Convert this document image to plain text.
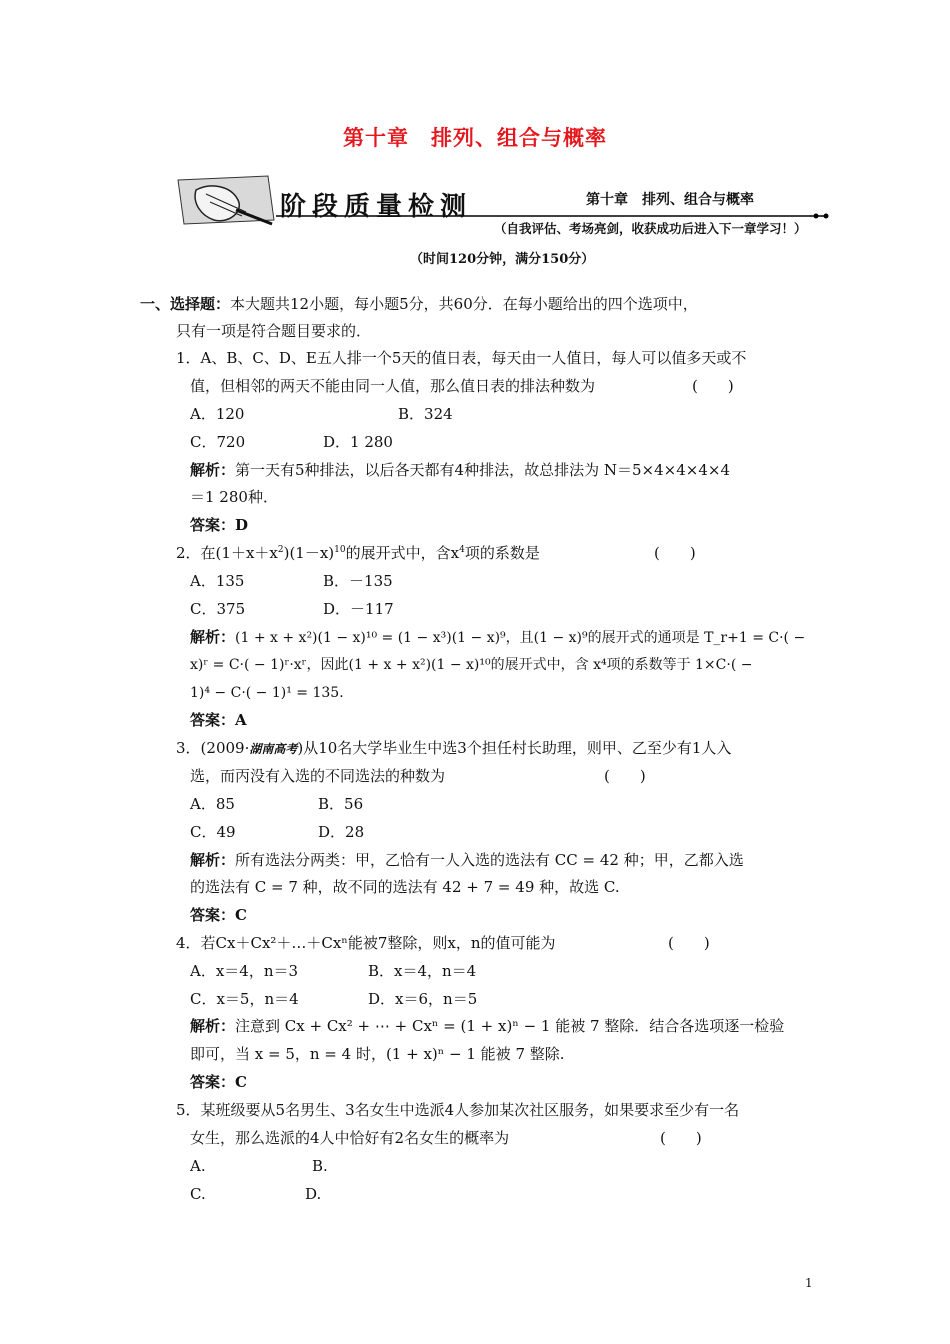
第十章　排列、组合与概率
阶段质量检测	第十章　排列、组合与概率
（自我评估、考场亮剑，收获成功后进入下一章学习！）
（时间120分钟，满分150分）
一、选择题：本大题共12小题，每小题5分，共60分．在每小题给出的四个选项中，
只有一项是符合题目要求的．
1．A、B、C、D、E五人排一个5天的值日表，每天由一人值日，每人可以值多天或不
值，但相邻的两天不能由同一人值，那么值日表的排法种数为	(　　)
A．120	B．324
C．720	D．1 280
解析：第一天有5种排法，以后各天都有4种排法，故总排法为 N＝5×4×4×4×4
＝1 280种．
答案：D
2．在$(1+x+x^2)(1-x)^{10}$的展开式中，含$x^4$项的系数是	(　　)
A．135	B．－135
C．375	D．－117
解析：(1 + x + x²)(1 − x)¹⁰ = (1 − x³)(1 − x)⁹，且(1 − x)⁹的展开式的通项是 T_r+1 = C·( −
x)ʳ = C·( − 1)ʳ·xʳ，因此(1 + x + x²)(1 − x)¹⁰的展开式中，含 x⁴项的系数等于 1×C·( −
1)⁴ − C·( − 1)¹ = 135.
答案：A
3．(2009·湖南高考)从10名大学毕业生中选3个担任村长助理，则甲、乙至少有1人入
选，而丙没有入选的不同选法的种数为	(　　)
A．85	B．56
C．49	D．28
解析：所有选法分两类：甲，乙恰有一人入选的选法有 CC = 42 种；甲，乙都入选
的选法有 C = 7 种，故不同的选法有 42 + 7 = 49 种，故选 C.
答案：C
4．若Cx＋Cx²＋…＋Cxⁿ能被7整除，则x，n的值可能为	(　　)
A．x＝4，n＝3	B．x＝4，n＝4
C．x＝5，n＝4	D．x＝6，n＝5
解析：注意到 Cx + Cx² + ⋯ + Cxⁿ = (1 + x)ⁿ − 1 能被 7 整除．结合各选项逐一检验
即可，当 x = 5，n = 4 时，(1 + x)ⁿ − 1 能被 7 整除.
答案：C
5．某班级要从5名男生、3名女生中选派4人参加某次社区服务，如果要求至少有一名
女生，那么选派的4人中恰好有2名女生的概率为	(　　)
A.	B.
C.	D.
1
